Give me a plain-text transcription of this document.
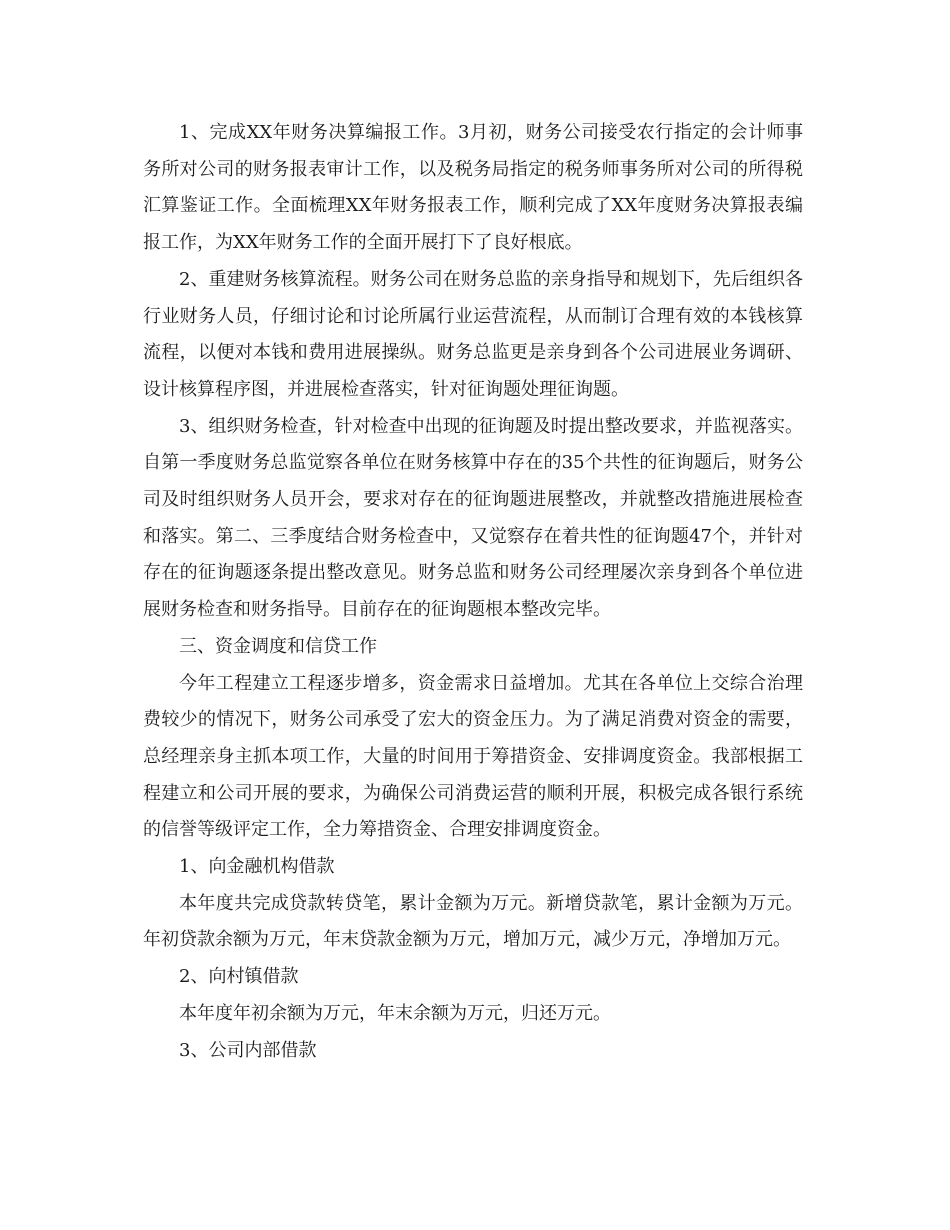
1、完成XX年财务决算编报工作。3月初，财务公司接受农行指定的会计师事务所对公司的财务报表审计工作，以及税务局指定的税务师事务所对公司的所得税汇算鉴证工作。全面梳理XX年财务报表工作，顺利完成了XX年度财务决算报表编报工作，为XX年财务工作的全面开展打下了良好根底。

2、重建财务核算流程。财务公司在财务总监的亲身指导和规划下，先后组织各行业财务人员，仔细讨论和讨论所属行业运营流程，从而制订合理有效的本钱核算流程，以便对本钱和费用进展操纵。财务总监更是亲身到各个公司进展业务调研、设计核算程序图，并进展检查落实，针对征询题处理征询题。

3、组织财务检查，针对检查中出现的征询题及时提出整改要求，并监视落实。自第一季度财务总监觉察各单位在财务核算中存在的35个共性的征询题后，财务公司及时组织财务人员开会，要求对存在的征询题进展整改，并就整改措施进展检查和落实。第二、三季度结合财务检查中，又觉察存在着共性的征询题47个，并针对存在的征询题逐条提出整改意见。财务总监和财务公司经理屡次亲身到各个单位进展财务检查和财务指导。目前存在的征询题根本整改完毕。

三、资金调度和信贷工作

今年工程建立工程逐步增多，资金需求日益增加。尤其在各单位上交综合治理费较少的情况下，财务公司承受了宏大的资金压力。为了满足消费对资金的需要，总经理亲身主抓本项工作，大量的时间用于筹措资金、安排调度资金。我部根据工程建立和公司开展的要求，为确保公司消费运营的顺利开展，积极完成各银行系统的信誉等级评定工作，全力筹措资金、合理安排调度资金。

1、向金融机构借款

本年度共完成贷款转贷笔，累计金额为万元。新增贷款笔，累计金额为万元。年初贷款余额为万元，年末贷款金额为万元，增加万元，减少万元，净增加万元。

2、向村镇借款

本年度年初余额为万元，年末余额为万元，归还万元。

3、公司内部借款
